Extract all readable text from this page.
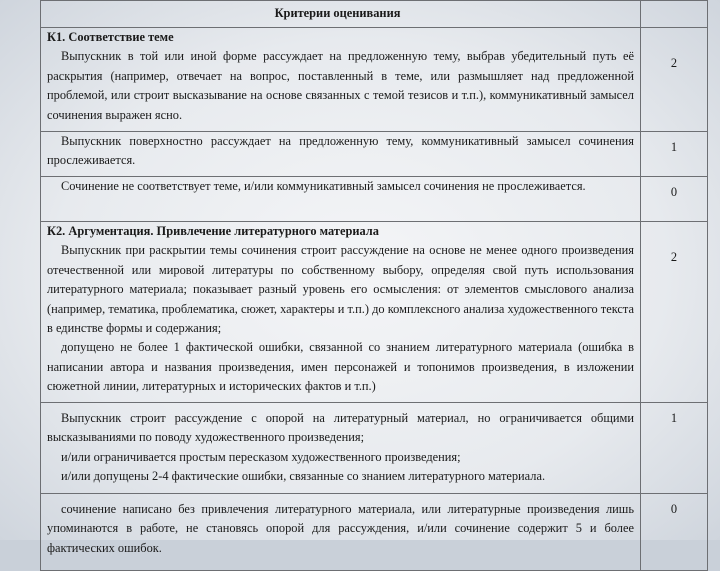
Критерии оценивания	

К1. Соответствие теме
Выпускник в той или иной форме рассуждает на предложенную тему, выбрав убедительный путь её раскрытия (например, отвечает на вопрос, поставленный в теме, или размышляет над предложенной проблемой, или строит высказывание на основе связанных с темой тезисов и т.п.), коммуникативный замысел сочинения выражен ясно.	2

Выпускник поверхностно рассуждает на предложенную тему, коммуникативный замысел сочинения прослеживается.	1

Сочинение не соответствует теме, и/или коммуникативный замысел сочинения не прослеживается.	0

К2. Аргументация. Привлечение литературного материала
Выпускник при раскрытии темы сочинения строит рассуждение на основе не менее одного произведения отечественной или мировой литературы по собственному выбору, определяя свой путь использования литературного материала; показывает разный уровень его осмысления: от элементов смыслового анализа (например, тематика, проблематика, сюжет, характеры и т.п.) до комплексного анализа художественного текста в единстве формы и содержания;
допущено не более 1 фактической ошибки, связанной со знанием литературного материала (ошибка в написании автора и названия произведения, имен персонажей и топонимов произведения, в изложении сюжетной линии, литературных и исторических фактов и т.п.)	2

Выпускник строит рассуждение с опорой на литературный материал, но ограничивается общими высказываниями по поводу художественного произведения;
и/или ограничивается простым пересказом художественного произведения;
и/или допущены 2-4 фактические ошибки, связанные со знанием литературного материала.	1

сочинение написано без привлечения литературного материала, или литературные произведения лишь упоминаются в работе, не становясь опорой для рассуждения, и/или сочинение содержит 5 и более фактических ошибок.	0
